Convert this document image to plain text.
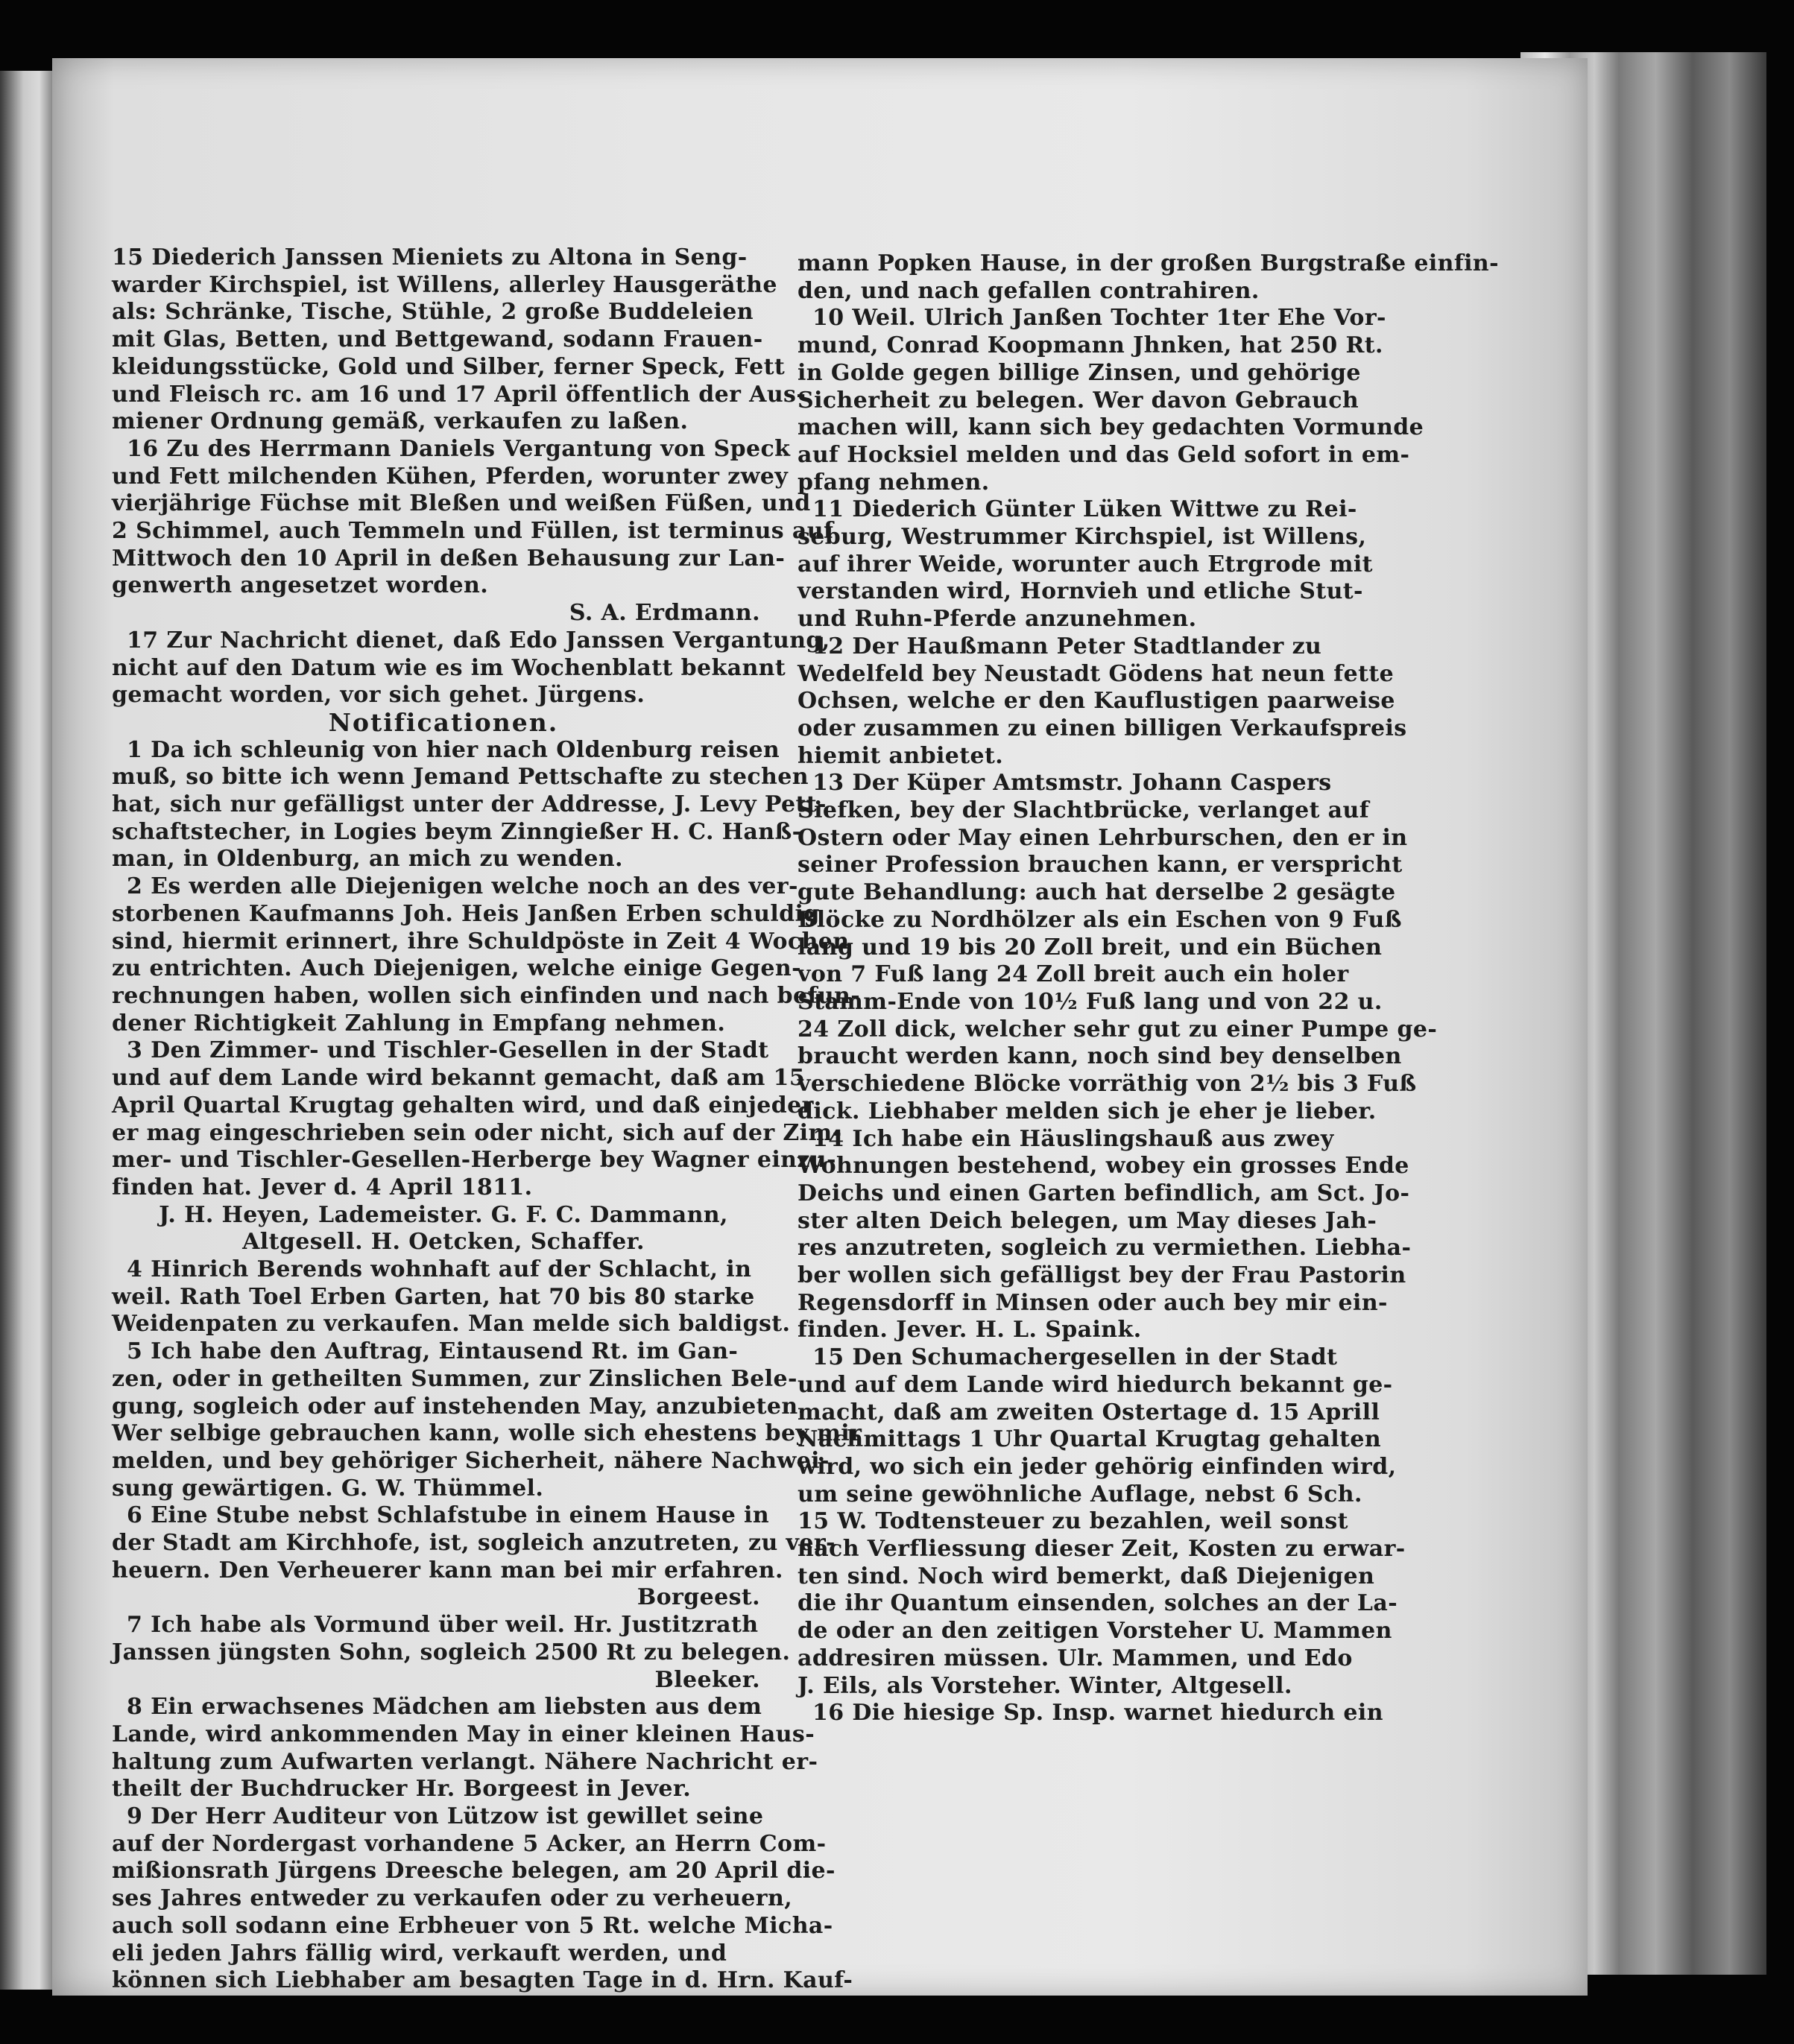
15 Diederich Janssen Mieniets zu Altona in Seng-
warder Kirchspiel, ist Willens, allerley Hausgeräthe
als: Schränke, Tische, Stühle, 2 große Buddeleien
mit Glas, Betten, und Bettgewand, sodann Frauen-
kleidungsstücke, Gold und Silber, ferner Speck, Fett
und Fleisch rc. am 16 und 17 April öffentlich der Aus-
miener Ordnung gemäß, verkaufen zu laßen.
16 Zu des Herrmann Daniels Vergantung von Speck
und Fett milchenden Kühen, Pferden, worunter zwey
vierjährige Füchse mit Bleßen und weißen Füßen, und
2 Schimmel, auch Temmeln und Füllen, ist terminus auf
Mittwoch den 10 April in deßen Behausung zur Lan-
genwerth angesetzet worden.
S. A. Erdmann.
17 Zur Nachricht dienet, daß Edo Janssen Vergantung,
nicht auf den Datum wie es im Wochenblatt bekannt
gemacht worden, vor sich gehet. Jürgens.
Notificationen.
1 Da ich schleunig von hier nach Oldenburg reisen
muß, so bitte ich wenn Jemand Pettschafte zu stechen
hat, sich nur gefälligst unter der Addresse, J. Levy Pett-
schaftstecher, in Logies beym Zinngießer H. C. Hanß-
man, in Oldenburg, an mich zu wenden.
2 Es werden alle Diejenigen welche noch an des ver-
storbenen Kaufmanns Joh. Heis Janßen Erben schuldig
sind, hiermit erinnert, ihre Schuldpöste in Zeit 4 Wochen
zu entrichten. Auch Diejenigen, welche einige Gegen-
rechnungen haben, wollen sich einfinden und nach befun-
dener Richtigkeit Zahlung in Empfang nehmen.
3 Den Zimmer- und Tischler-Gesellen in der Stadt
und auf dem Lande wird bekannt gemacht, daß am 15
April Quartal Krugtag gehalten wird, und daß einjeder
er mag eingeschrieben sein oder nicht, sich auf der Zim-
mer- und Tischler-Gesellen-Herberge bey Wagner einzu-
finden hat. Jever d. 4 April 1811.
J. H. Heyen, Lademeister. G. F. C. Dammann,
Altgesell. H. Oetcken, Schaffer.
4 Hinrich Berends wohnhaft auf der Schlacht, in
weil. Rath Toel Erben Garten, hat 70 bis 80 starke
Weidenpaten zu verkaufen. Man melde sich baldigst.
5 Ich habe den Auftrag, Eintausend Rt. im Gan-
zen, oder in getheilten Summen, zur Zinslichen Bele-
gung, sogleich oder auf instehenden May, anzubieten.
Wer selbige gebrauchen kann, wolle sich ehestens bey mir
melden, und bey gehöriger Sicherheit, nähere Nachwei-
sung gewärtigen. G. W. Thümmel.
6 Eine Stube nebst Schlafstube in einem Hause in
der Stadt am Kirchhofe, ist, sogleich anzutreten, zu ver-
heuern. Den Verheuerer kann man bei mir erfahren.
Borgeest.
7 Ich habe als Vormund über weil. Hr. Justitzrath
Janssen jüngsten Sohn, sogleich 2500 Rt zu belegen.
Bleeker.
8 Ein erwachsenes Mädchen am liebsten aus dem
Lande, wird ankommenden May in einer kleinen Haus-
haltung zum Aufwarten verlangt. Nähere Nachricht er-
theilt der Buchdrucker Hr. Borgeest in Jever.
9 Der Herr Auditeur von Lützow ist gewillet seine
auf der Nordergast vorhandene 5 Acker, an Herrn Com-
mißionsrath Jürgens Dreesche belegen, am 20 April die-
ses Jahres entweder zu verkaufen oder zu verheuern,
auch soll sodann eine Erbheuer von 5 Rt. welche Micha-
eli jeden Jahrs fällig wird, verkauft werden, und
können sich Liebhaber am besagten Tage in d. Hrn. Kauf-
mann Popken Hause, in der großen Burgstraße einfin-
den, und nach gefallen contrahiren.
10 Weil. Ulrich Janßen Tochter 1ter Ehe Vor-
mund, Conrad Koopmann Jhnken, hat 250 Rt.
in Golde gegen billige Zinsen, und gehörige
Sicherheit zu belegen. Wer davon Gebrauch
machen will, kann sich bey gedachten Vormunde
auf Hocksiel melden und das Geld sofort in em-
pfang nehmen.
11 Diederich Günter Lüken Wittwe zu Rei-
seburg, Westrummer Kirchspiel, ist Willens,
auf ihrer Weide, worunter auch Etrgrode mit
verstanden wird, Hornvieh und etliche Stut-
und Ruhn-Pferde anzunehmen.
12 Der Haußmann Peter Stadtlander zu
Wedelfeld bey Neustadt Gödens hat neun fette
Ochsen, welche er den Kauflustigen paarweise
oder zusammen zu einen billigen Verkaufspreis
hiemit anbietet.
13 Der Küper Amtsmstr. Johann Caspers
Siefken, bey der Slachtbrücke, verlanget auf
Ostern oder May einen Lehrburschen, den er in
seiner Profession brauchen kann, er verspricht
gute Behandlung: auch hat derselbe 2 gesägte
Blöcke zu Nordhölzer als ein Eschen von 9 Fuß
lang und 19 bis 20 Zoll breit, und ein Büchen
von 7 Fuß lang 24 Zoll breit auch ein holer
Stamm-Ende von 10½ Fuß lang und von 22 u.
24 Zoll dick, welcher sehr gut zu einer Pumpe ge-
braucht werden kann, noch sind bey denselben
verschiedene Blöcke vorräthig von 2½ bis 3 Fuß
dick. Liebhaber melden sich je eher je lieber.
14 Ich habe ein Häuslingshauß aus zwey
Wohnungen bestehend, wobey ein grosses Ende
Deichs und einen Garten befindlich, am Sct. Jo-
ster alten Deich belegen, um May dieses Jah-
res anzutreten, sogleich zu vermiethen. Liebha-
ber wollen sich gefälligst bey der Frau Pastorin
Regensdorff in Minsen oder auch bey mir ein-
finden. Jever. H. L. Spaink.
15 Den Schumachergesellen in der Stadt
und auf dem Lande wird hiedurch bekannt ge-
macht, daß am zweiten Ostertage d. 15 Aprill
Nachmittags 1 Uhr Quartal Krugtag gehalten
wird, wo sich ein jeder gehörig einfinden wird,
um seine gewöhnliche Auflage, nebst 6 Sch.
15 W. Todtensteuer zu bezahlen, weil sonst
nach Verfliessung dieser Zeit, Kosten zu erwar-
ten sind. Noch wird bemerkt, daß Diejenigen
die ihr Quantum einsenden, solches an der La-
de oder an den zeitigen Vorsteher U. Mammen
addresiren müssen. Ulr. Mammen, und Edo
J. Eils, als Vorsteher. Winter, Altgesell.
16 Die hiesige Sp. Insp. warnet hiedurch ein
